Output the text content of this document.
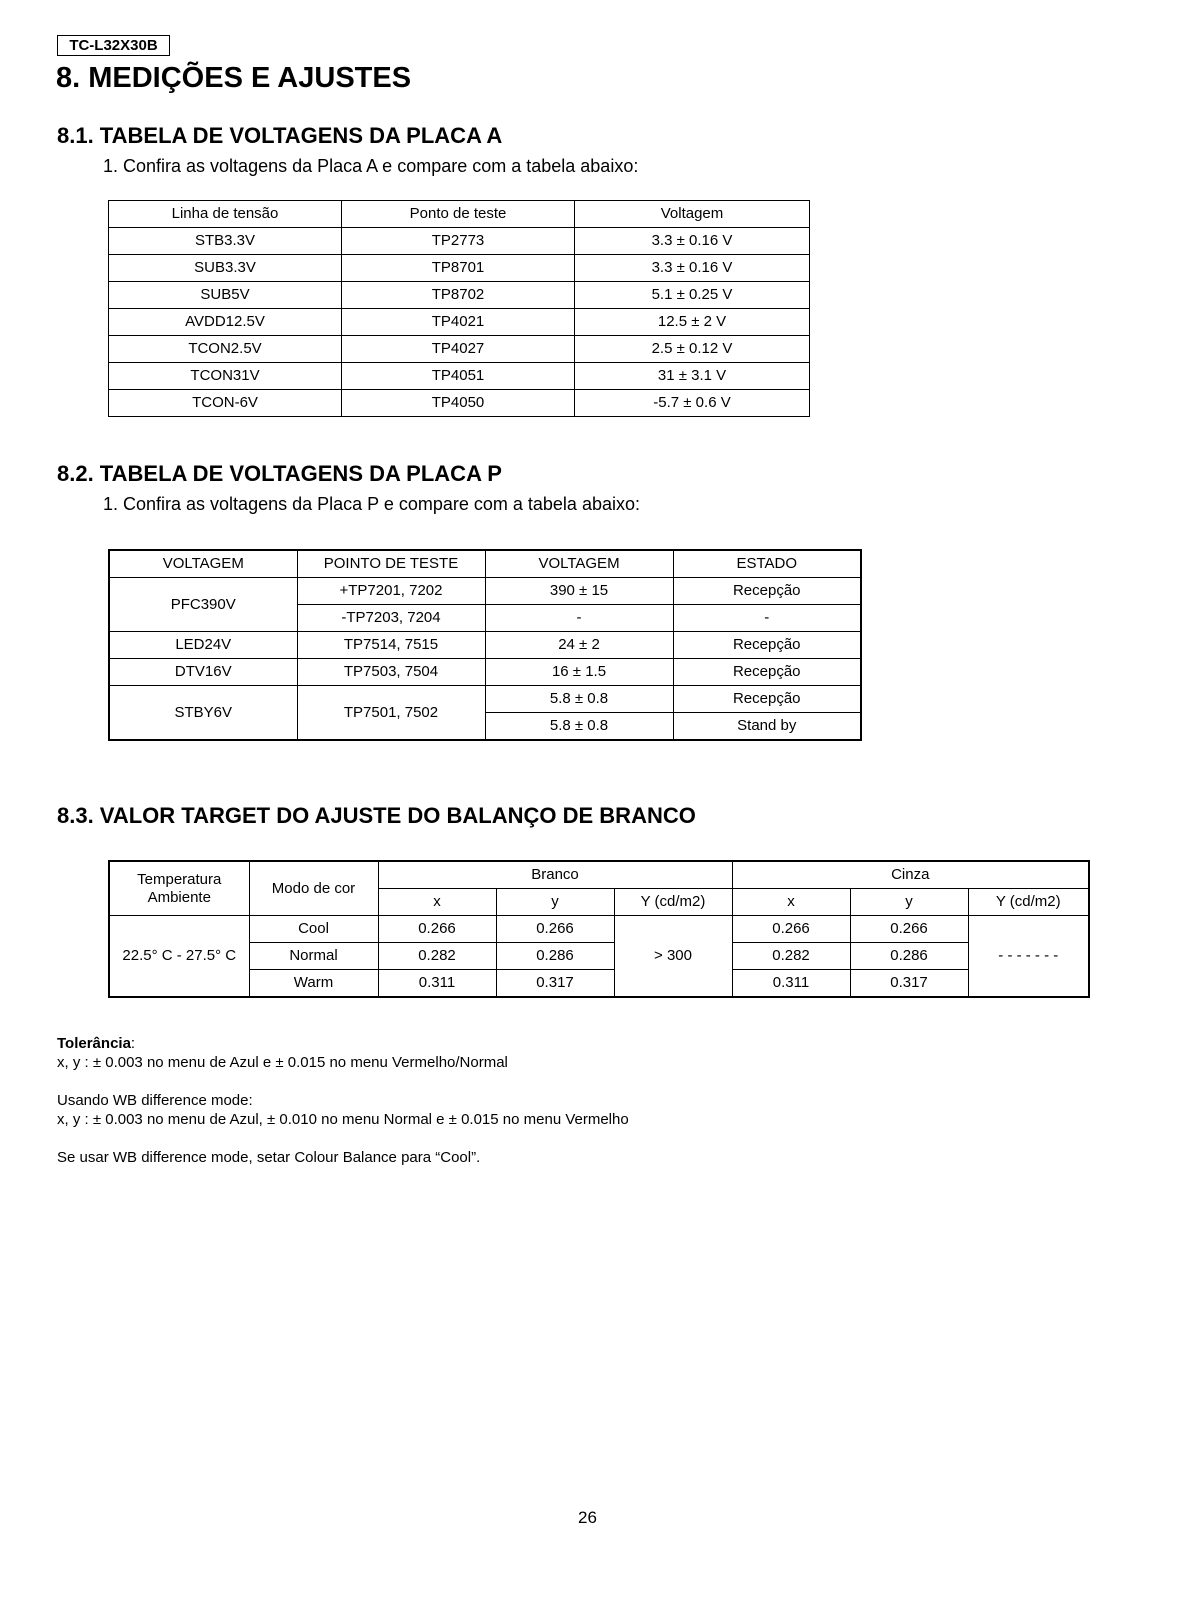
TC-L32X30B
8. MEDIÇÕES E AJUSTES
8.1. TABELA DE VOLTAGENS DA PLACA A
1. Confira as voltagens da Placa A e compare com a tabela abaixo:
Linha de tensão	Ponto de teste	Voltagem
STB3.3V	TP2773	3.3 ± 0.16 V
SUB3.3V	TP8701	3.3 ± 0.16 V
SUB5V	TP8702	5.1 ± 0.25 V
AVDD12.5V	TP4021	12.5 ± 2 V
TCON2.5V	TP4027	2.5 ± 0.12 V
TCON31V	TP4051	31 ± 3.1 V
TCON-6V	TP4050	-5.7 ± 0.6 V
8.2. TABELA DE VOLTAGENS DA PLACA P
1. Confira as voltagens da Placa P e compare com a tabela abaixo:
VOLTAGEM	POINTO DE TESTE	VOLTAGEM	ESTADO
PFC390V	+TP7201, 7202	390 ± 15	Recepção
	-TP7203, 7204	-	-
LED24V	TP7514, 7515	24 ± 2	Recepção
DTV16V	TP7503, 7504	16 ± 1.5	Recepção
STBY6V	TP7501, 7502	5.8 ± 0.8	Recepção
		5.8 ± 0.8	Stand by
8.3. VALOR TARGET DO AJUSTE DO BALANÇO DE BRANCO
Temperatura
Ambiente	Modo de cor	Branco			Cinza		
		x	y	Y (cd/m2)	x	y	Y (cd/m2)
22.5° C - 27.5° C	Cool	0.266	0.266	> 300	0.266	0.266	- - - - - - -
	Normal	0.282	0.286		0.282	0.286	
	Warm	0.311	0.317		0.311	0.317	
Tolerância:
x, y : ± 0.003 no menu de Azul e ± 0.015 no menu Vermelho/Normal
Usando WB difference mode:
x, y : ± 0.003 no menu de Azul, ± 0.010 no menu Normal e ± 0.015 no menu Vermelho
Se usar WB difference mode, setar Colour Balance para “Cool”.
26
